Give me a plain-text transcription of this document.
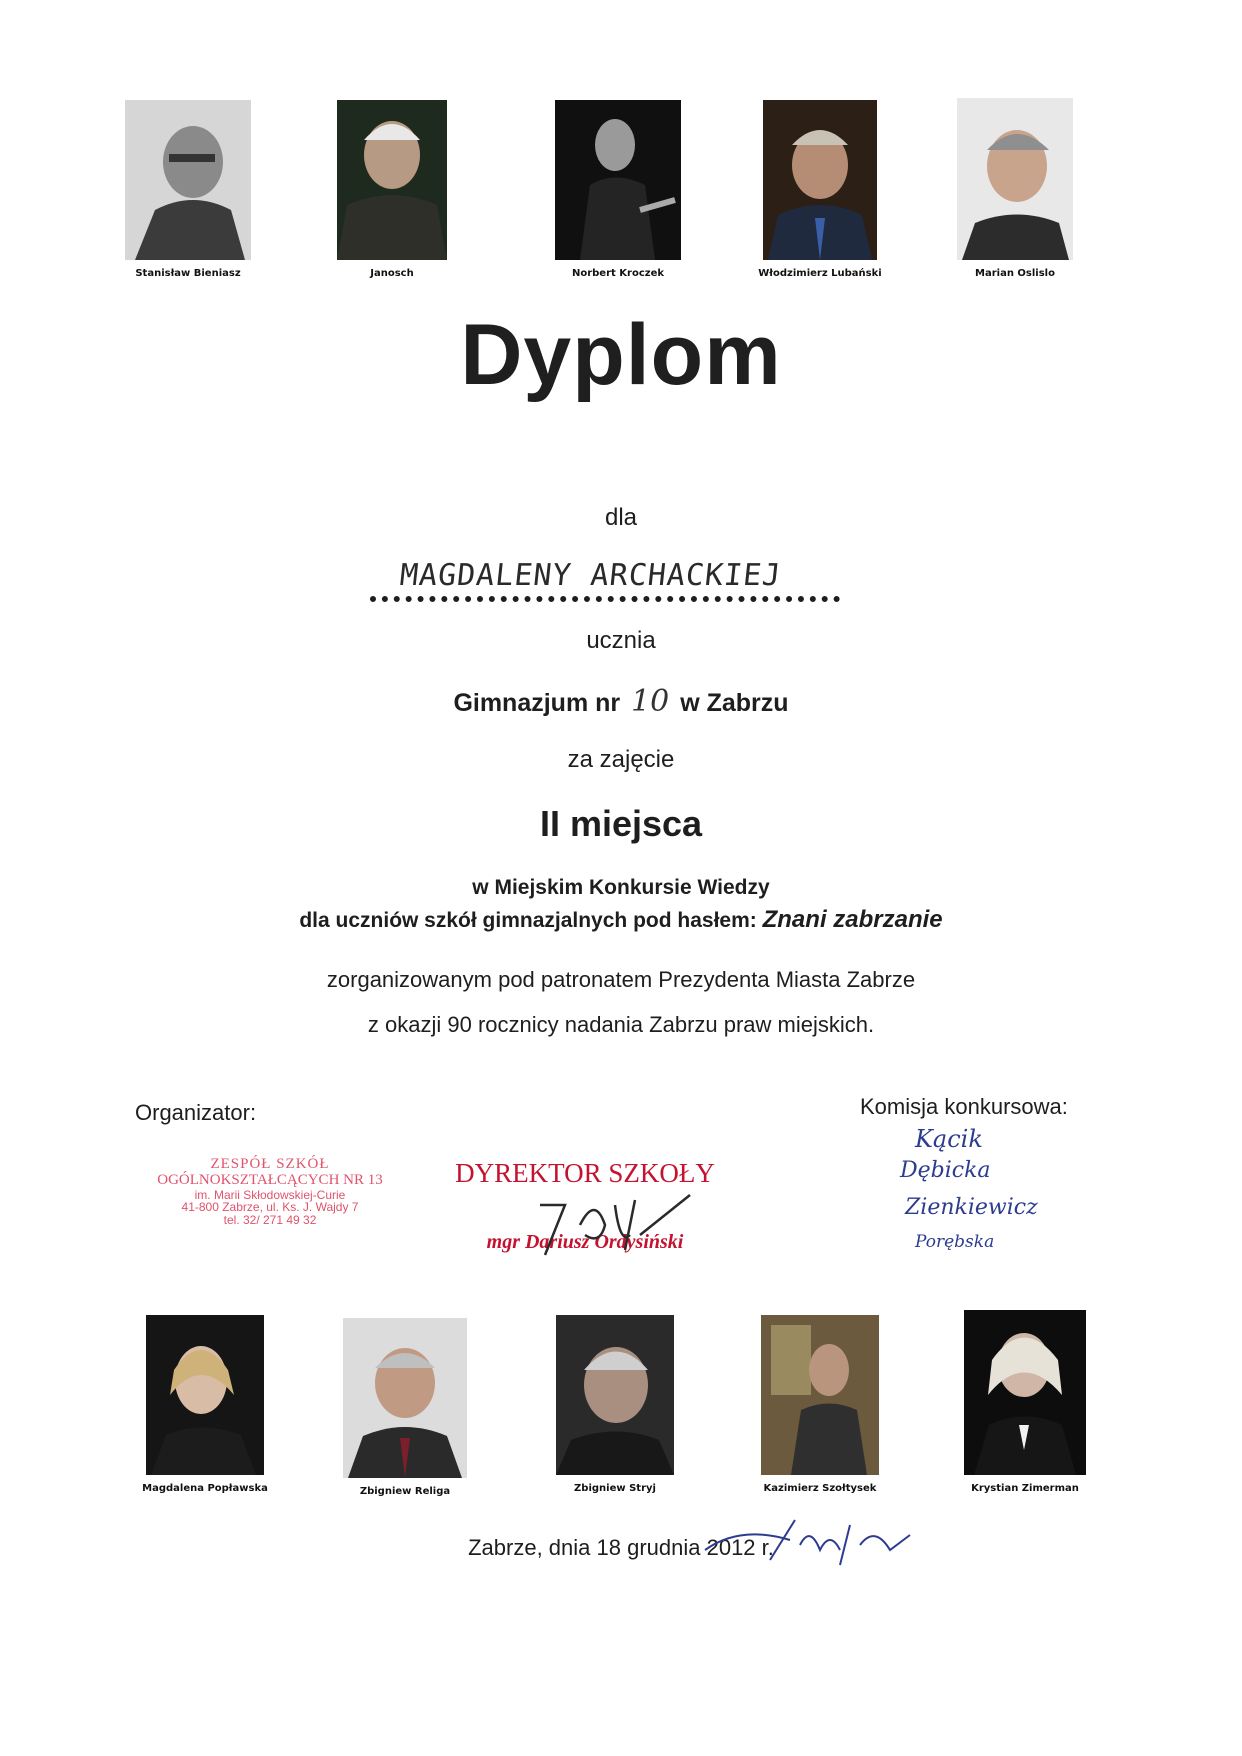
Stanisław Bieniasz	Janosch	Norbert Kroczek	Włodzimierz Lubański	Marian Oslislo
Dyplom
dla
MAGDALENY ARCHACKIEJ
ucznia
Gimnazjum nr 10 w Zabrzu
za zajęcie
II miejsca
w Miejskim Konkursie Wiedzy
dla uczniów szkół gimnazjalnych pod hasłem: Znani zabrzanie
zorganizowanym pod patronatem Prezydenta Miasta Zabrze
z okazji 90 rocznicy nadania Zabrzu praw miejskich.
Organizator:	Komisja konkursowa:
ZESPÓŁ SZKÓŁ
OGÓLNOKSZTAŁCĄCYCH NR 13
im. Marii Skłodowskiej-Curie
41-800 Zabrze, ul. Ks. J. Wajdy 7
tel. 32/ 271 49 32
DYREKTOR SZKOŁY
mgr Dariusz Ordysiński
Kącik
Dębicka
Zienkiewicz
Porębska
Magdalena Popławska	Zbigniew Religa	Zbigniew Stryj	Kazimierz Szołtysek	Krystian Zimerman
Zabrze, dnia 18 grudnia 2012 r.
